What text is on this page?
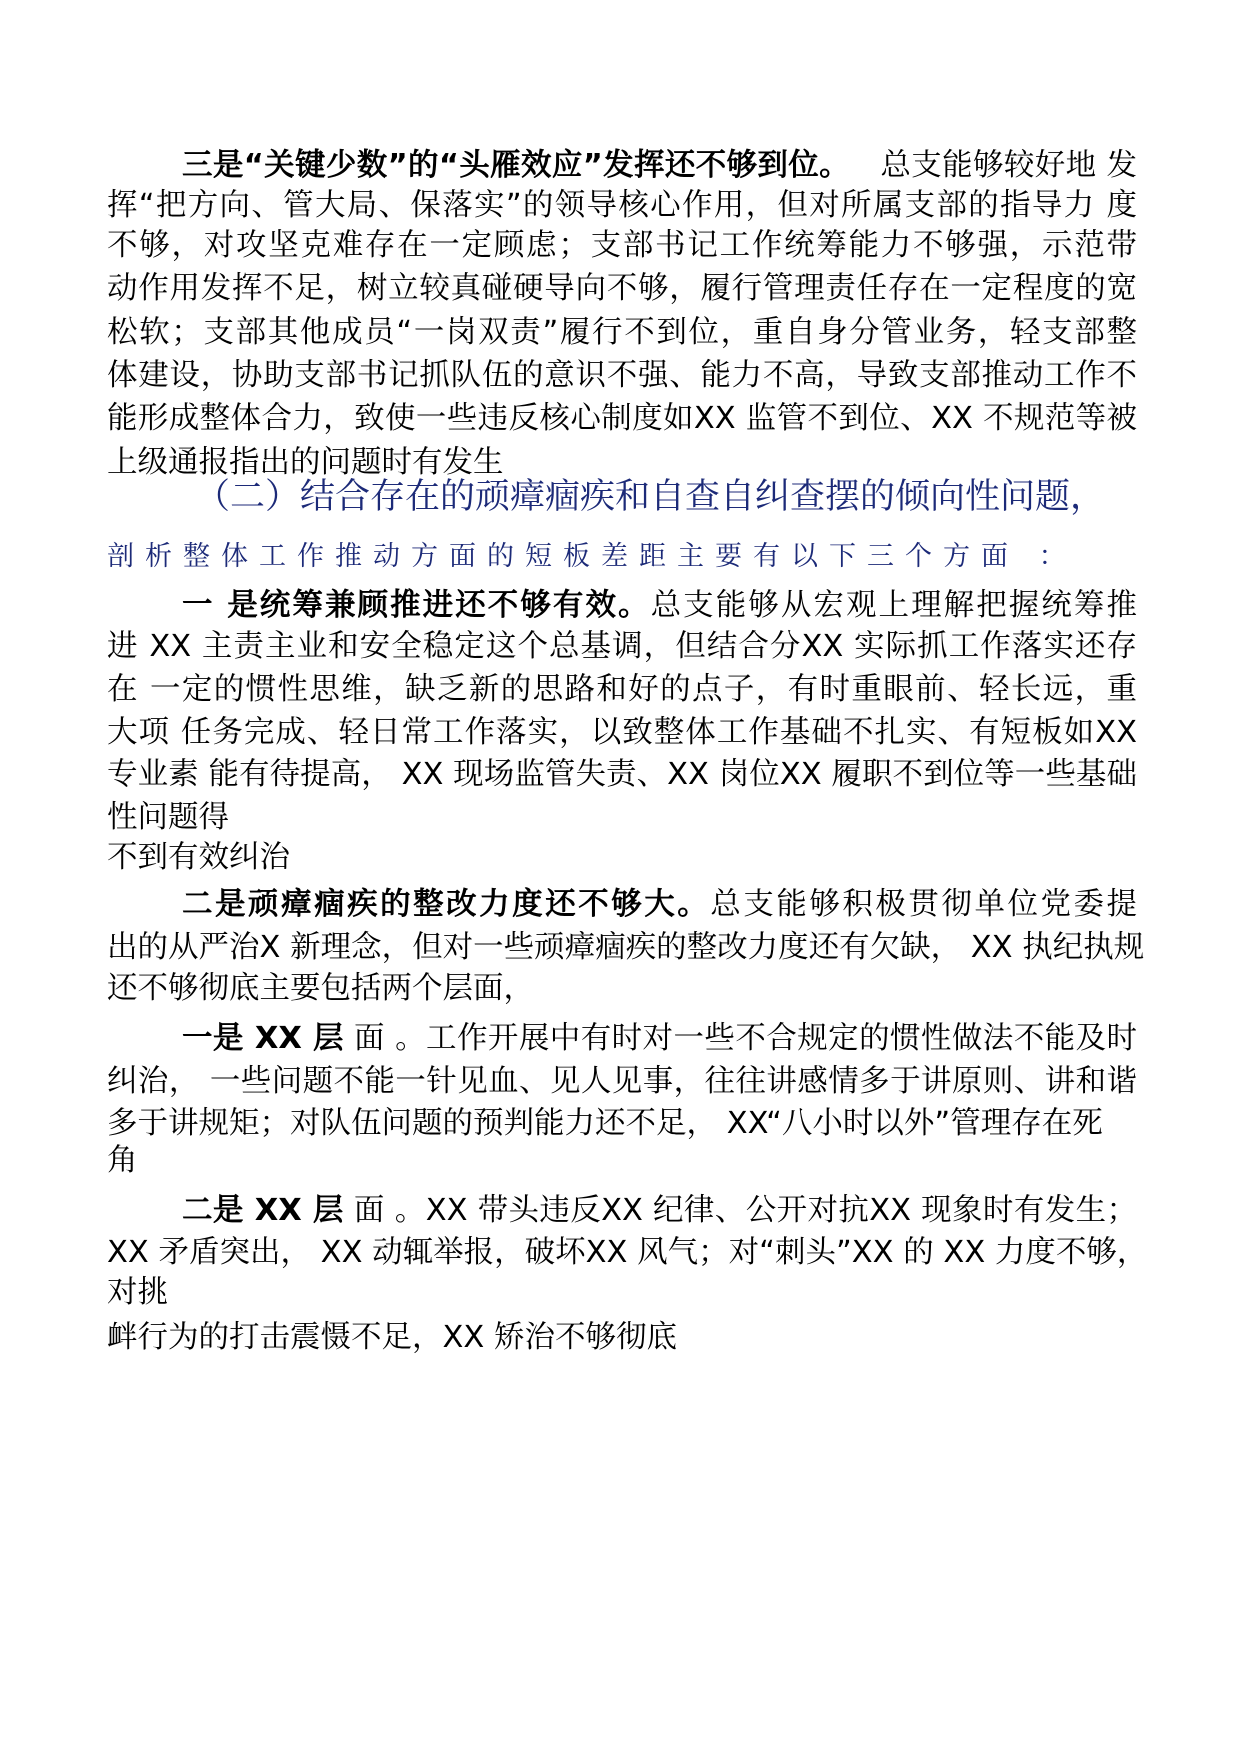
三是“关键少数”的“头雁效应”发挥还不够到位。 总支能够较好地 发
挥“把方向、管大局、保落实”的领导核心作用，但对所属支部的指导力 度
不够，对攻坚克难存在一定顾虑；支部书记工作统筹能力不够强，示范带
动作用发挥不足，树立较真碰硬导向不够，履行管理责任存在一定程度的宽
松软；支部其他成员“一岗双责”履行不到位，重自身分管业务，轻支部整
体建设，协助支部书记抓队伍的意识不强、能力不高，导致支部推动工作不
能形成整体合力，致使一些违反核心制度如XX 监管不到位、XX 不规范等被
上级通报指出的问题时有发生
（二）结合存在的顽瘴痼疾和自查自纠查摆的倾向性问题，
剖析整体工作推动方面的短板差距主要有以下三个方面 ：
一 是统筹兼顾推进还不够有效。总支能够从宏观上理解把握统筹推
进 XX 主责主业和安全稳定这个总基调，但结合分XX 实际抓工作落实还存
在 一定的惯性思维，缺乏新的思路和好的点子，有时重眼前、轻长远，重
大项 任务完成、轻日常工作落实，以致整体工作基础不扎实、有短板如XX
专业素 能有待提高， XX 现场监管失责、XX 岗位XX 履职不到位等一些基础
性问题得
不到有效纠治
二是顽瘴痼疾的整改力度还不够大。总支能够积极贯彻单位党委提
出的从严治X 新理念，但对一些顽瘴痼疾的整改力度还有欠缺， XX 执纪执规
还不够彻底主要包括两个层面，
一是 XX 层 面 。工作开展中有时对一些不合规定的惯性做法不能及时
纠治， 一些问题不能一针见血、见人见事，往往讲感情多于讲原则、讲和谐
多于讲规矩；对队伍问题的预判能力还不足， XX“八小时以外”管理存在死
角
二是 XX 层 面 。XX 带头违反XX 纪律、公开对抗XX 现象时有发生；
XX 矛盾突出， XX 动辄举报，破坏XX 风气；对“刺头”XX 的 XX 力度不够，
对挑
衅行为的打击震慑不足，XX 矫治不够彻底
